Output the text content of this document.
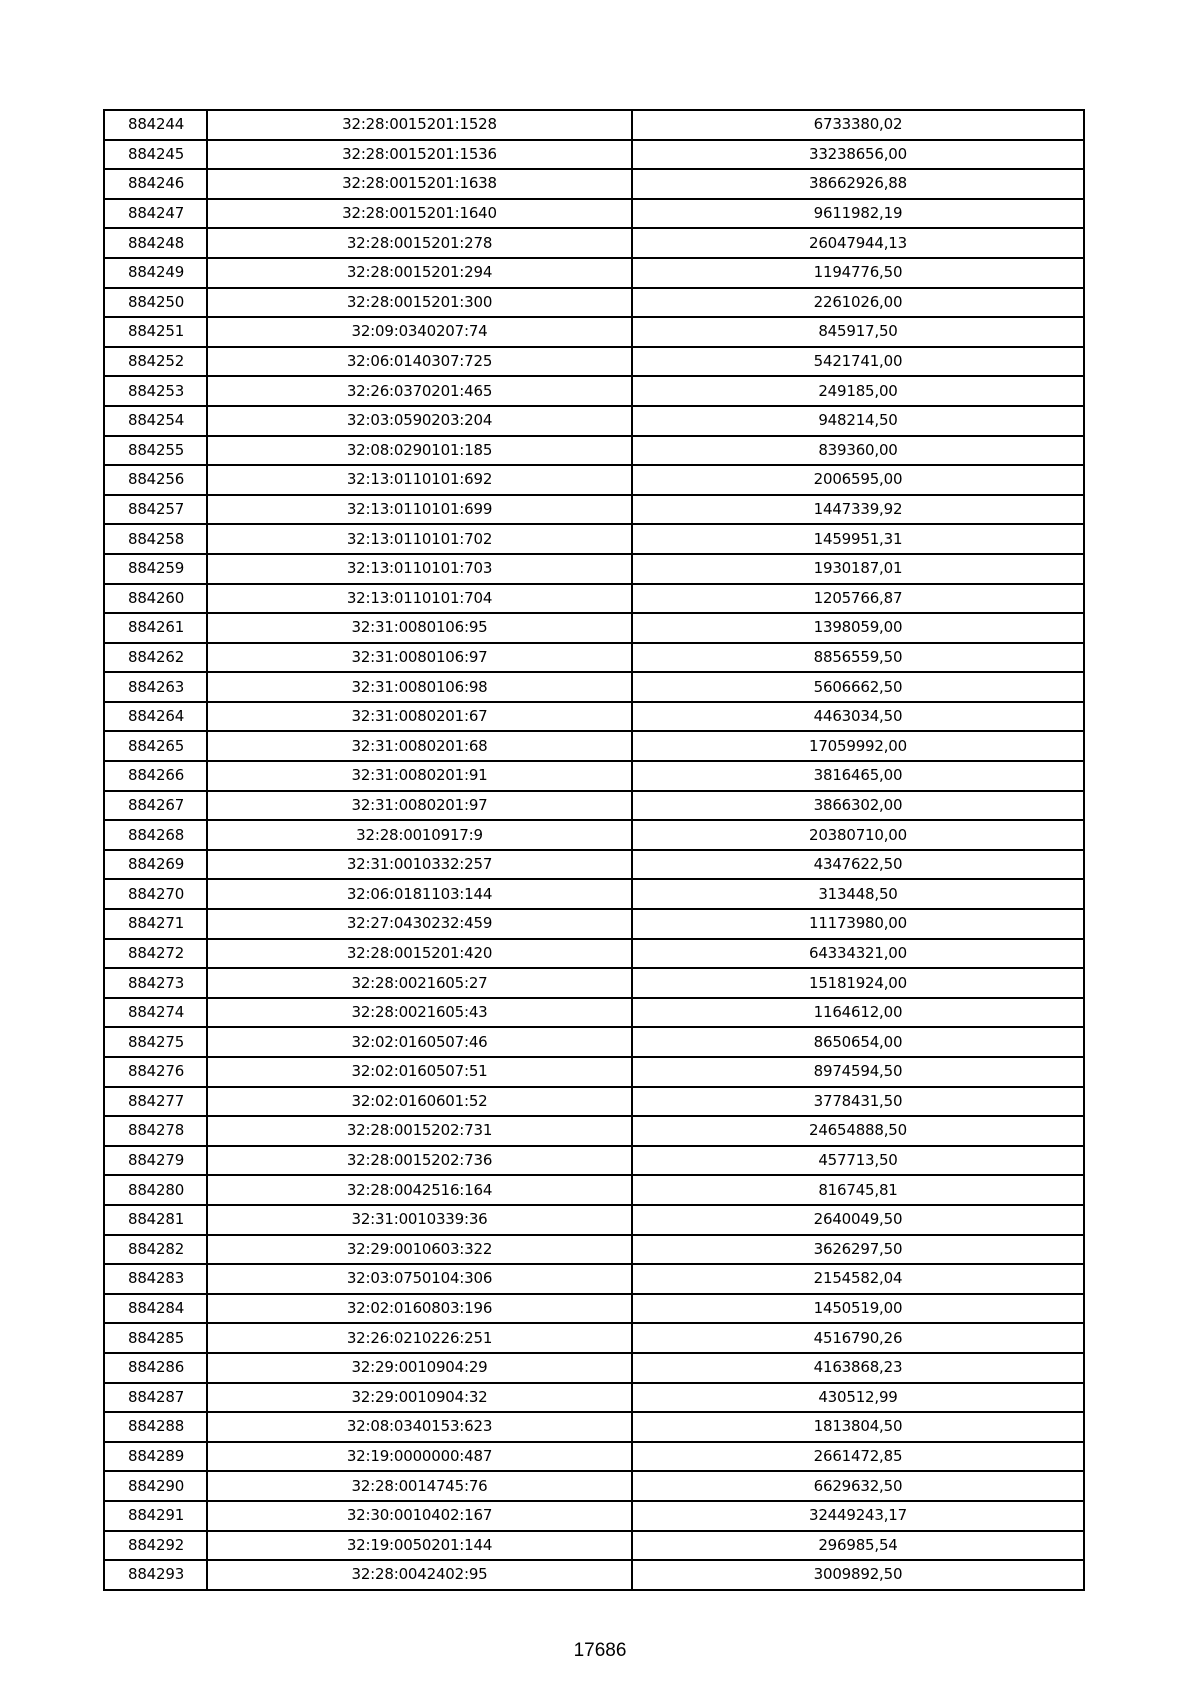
884244	32:28:0015201:1528	6733380,02
884245	32:28:0015201:1536	33238656,00
884246	32:28:0015201:1638	38662926,88
884247	32:28:0015201:1640	9611982,19
884248	32:28:0015201:278	26047944,13
884249	32:28:0015201:294	1194776,50
884250	32:28:0015201:300	2261026,00
884251	32:09:0340207:74	845917,50
884252	32:06:0140307:725	5421741,00
884253	32:26:0370201:465	249185,00
884254	32:03:0590203:204	948214,50
884255	32:08:0290101:185	839360,00
884256	32:13:0110101:692	2006595,00
884257	32:13:0110101:699	1447339,92
884258	32:13:0110101:702	1459951,31
884259	32:13:0110101:703	1930187,01
884260	32:13:0110101:704	1205766,87
884261	32:31:0080106:95	1398059,00
884262	32:31:0080106:97	8856559,50
884263	32:31:0080106:98	5606662,50
884264	32:31:0080201:67	4463034,50
884265	32:31:0080201:68	17059992,00
884266	32:31:0080201:91	3816465,00
884267	32:31:0080201:97	3866302,00
884268	32:28:0010917:9	20380710,00
884269	32:31:0010332:257	4347622,50
884270	32:06:0181103:144	313448,50
884271	32:27:0430232:459	11173980,00
884272	32:28:0015201:420	64334321,00
884273	32:28:0021605:27	15181924,00
884274	32:28:0021605:43	1164612,00
884275	32:02:0160507:46	8650654,00
884276	32:02:0160507:51	8974594,50
884277	32:02:0160601:52	3778431,50
884278	32:28:0015202:731	24654888,50
884279	32:28:0015202:736	457713,50
884280	32:28:0042516:164	816745,81
884281	32:31:0010339:36	2640049,50
884282	32:29:0010603:322	3626297,50
884283	32:03:0750104:306	2154582,04
884284	32:02:0160803:196	1450519,00
884285	32:26:0210226:251	4516790,26
884286	32:29:0010904:29	4163868,23
884287	32:29:0010904:32	430512,99
884288	32:08:0340153:623	1813804,50
884289	32:19:0000000:487	2661472,85
884290	32:28:0014745:76	6629632,50
884291	32:30:0010402:167	32449243,17
884292	32:19:0050201:144	296985,54
884293	32:28:0042402:95	3009892,50
17686
